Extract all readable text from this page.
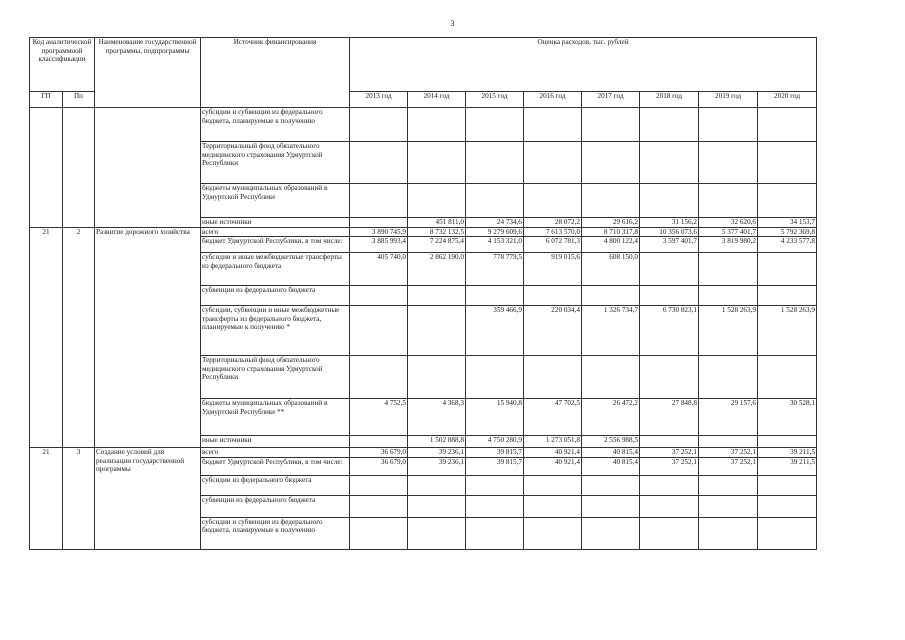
3
Код аналитической программной классификации		Наименование государственной программы, подпрограммы	Источник финансирования	Оценка расходов, тыс. рублей							
ГП	Пп			2013 год	2014 год	2015 год	2016 год	2017 год	2018 год	2019 год	2020 год
			субсидии и субвенции из федерального бюджета, планируемые к получению								
			Территориальный фонд обязательного медицинского страхования Удмуртской Республики								
			бюджеты муниципальных образований в Удмуртской Республике								
			иные источники		451 811,0	24 734,6	28 072,2	29 616,2	31 156,2	32 620,6	34 153,7
21	2	Развитие дорожного хозяйства	всего	3 890 745,9	8 732 132,5	9 279 609,6	7 613 570,0	8 710 317,8	10 356 073,6	5 377 401,7	5 792 369,8
			бюджет Удмуртской Республики, в том числе:	3 885 993,4	7 224 875,4	4 153 321,0	6 072 781,3	4 800 122,4	3 597 401,7	3 819 980,2	4 233 577,8
			субсидии и иные межбюджетные трансферты из федерального бюджета	405 740,0	2 862 190,0	778 779,5	919 015,6	608 150,0			
			субвенции из федерального бюджета								
			субсидии, субвенции и иные межбюджетные трансферты из федерального бюджета, планируемые к получению *			359 466,9	220 034,4	1 326 734,7	6 730 823,1	1 528 263,9	1 528 263,9
			Территориальный фонд обязательного медицинского страхования Удмуртской Республики								
			бюджеты муниципальных образований в Удмуртской Республике **	4 752,5	4 368,3	15 940,8	47 702,5	26 472,2	27 848,8	29 157,6	30 528,1
			иные источники		1 502 888,8	4 750 280,9	1 273 051,8	2 556 988,5			
21	3	Создание условий для реализации государственной программы	всего	36 679,0	39 236,1	39 815,7	40 921,4	40 815,4	37 252,1	37 252,1	39 211,5
			бюджет Удмуртской Республики, в том числе:	36 679,0	39 236,1	39 815,7	40 921,4	40 815,4	37 252,1	37 252,1	39 211,5
			субсидии из федерального бюджета								
			субвенции из федерального бюджета								
			субсидии и субвенции из федерального бюджета, планируемые к получению								
